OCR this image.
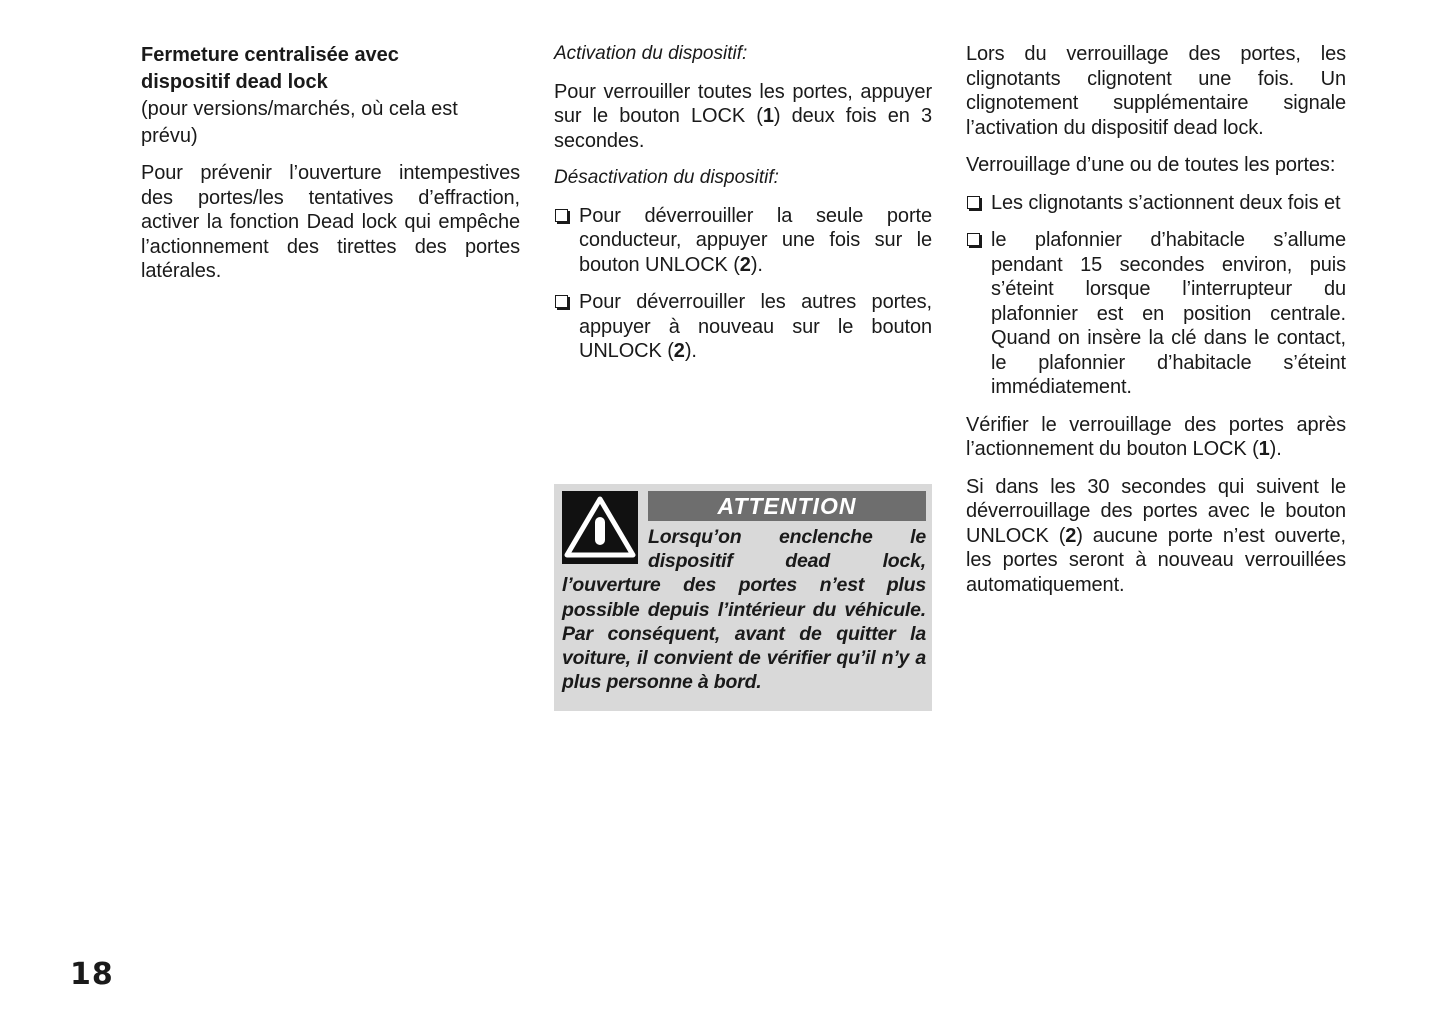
Fermeture centralisée avec
dispositif dead lock

(pour versions/marchés, où cela est prévu)

Pour prévenir l’ouverture intempestives des portes/les tentatives d’effraction, activer la fonction Dead lock qui empêche l’actionnement des tirettes des portes latérales.

Activation du dispositif:

Pour verrouiller toutes les portes, appuyer sur le bouton LOCK (1) deux fois en 3 secondes.

Désactivation du dispositif:

Pour déverrouiller la seule porte conducteur, appuyer une fois sur le bouton UNLOCK (2).
Pour déverrouiller les autres portes, appuyer à nouveau sur le bouton UNLOCK (2).
ATTENTION
Lorsqu’on enclenche le dispositif dead lock, l’ouverture des portes n’est plus possible depuis l’intérieur du véhicule. Par conséquent, avant de quitter la voiture, il convient de vérifier qu’il n’y a plus personne à bord.

Lors du verrouillage des portes, les clignotants clignotent une fois. Un clignotement supplémentaire signale l’activation du dispositif dead lock.

Verrouillage d’une ou de toutes les portes:

Les clignotants s’actionnent deux fois et
le plafonnier d’habitacle s’allume pendant 15 secondes environ, puis s’éteint lorsque l’interrupteur du plafonnier est en position centrale. Quand on insère la clé dans le contact, le plafonnier d’habitacle s’éteint immédiatement.

Vérifier le verrouillage des portes après l’actionnement du bouton LOCK (1).

Si dans les 30 secondes qui suivent le déverrouillage des portes avec le bouton UNLOCK (2) aucune porte n’est ouverte, les portes seront à nouveau verrouillées automatiquement.

18
